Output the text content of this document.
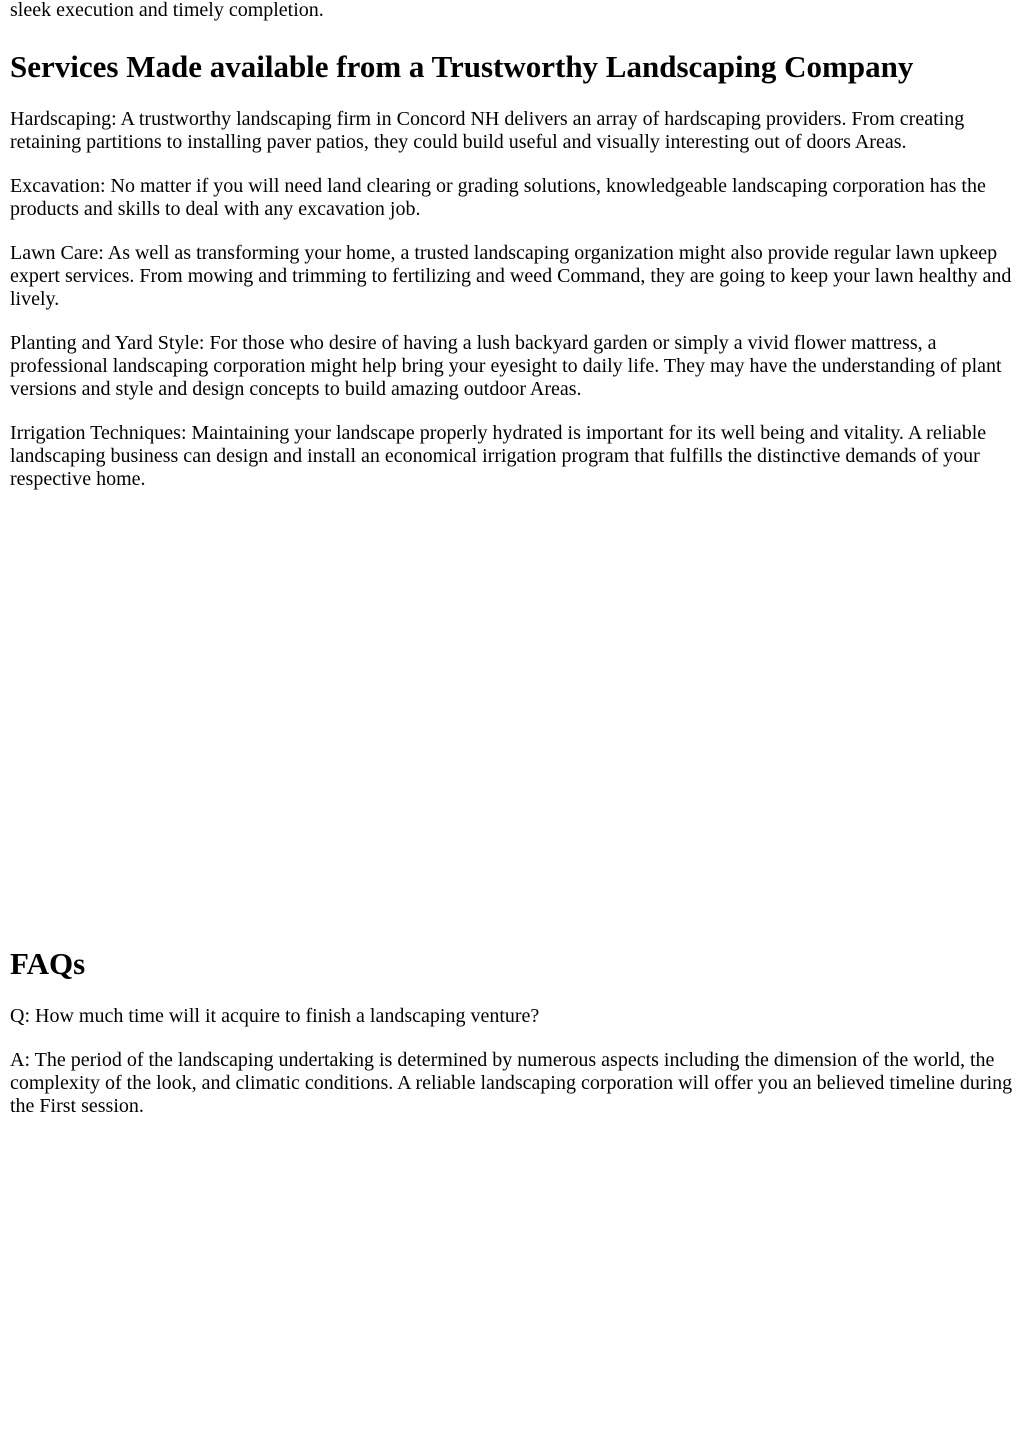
sleek execution and timely completion.

Services Made available from a Trustworthy Landscaping Company

Hardscaping: A trustworthy landscaping firm in Concord NH delivers an array of hardscaping providers. From creating retaining partitions to installing paver patios, they could build useful and visually interesting out of doors Areas.

Excavation: No matter if you will need land clearing or grading solutions, knowledgeable landscaping corporation has the products and skills to deal with any excavation job.

Lawn Care: As well as transforming your home, a trusted landscaping organization might also provide regular lawn upkeep expert services. From mowing and trimming to fertilizing and weed Command, they are going to keep your lawn healthy and lively.

Planting and Yard Style: For those who desire of having a lush backyard garden or simply a vivid flower mattress, a professional landscaping corporation might help bring your eyesight to daily life. They may have the understanding of plant versions and style and design concepts to build amazing outdoor Areas.

Irrigation Techniques: Maintaining your landscape properly hydrated is important for its well being and vitality. A reliable landscaping business can design and install an economical irrigation program that fulfills the distinctive demands of your respective home.

FAQs

Q: How much time will it acquire to finish a landscaping venture?

A: The period of the landscaping undertaking is determined by numerous aspects including the dimension of the world, the complexity of the look, and climatic conditions. A reliable landscaping corporation will offer you an believed timeline during the First session.
